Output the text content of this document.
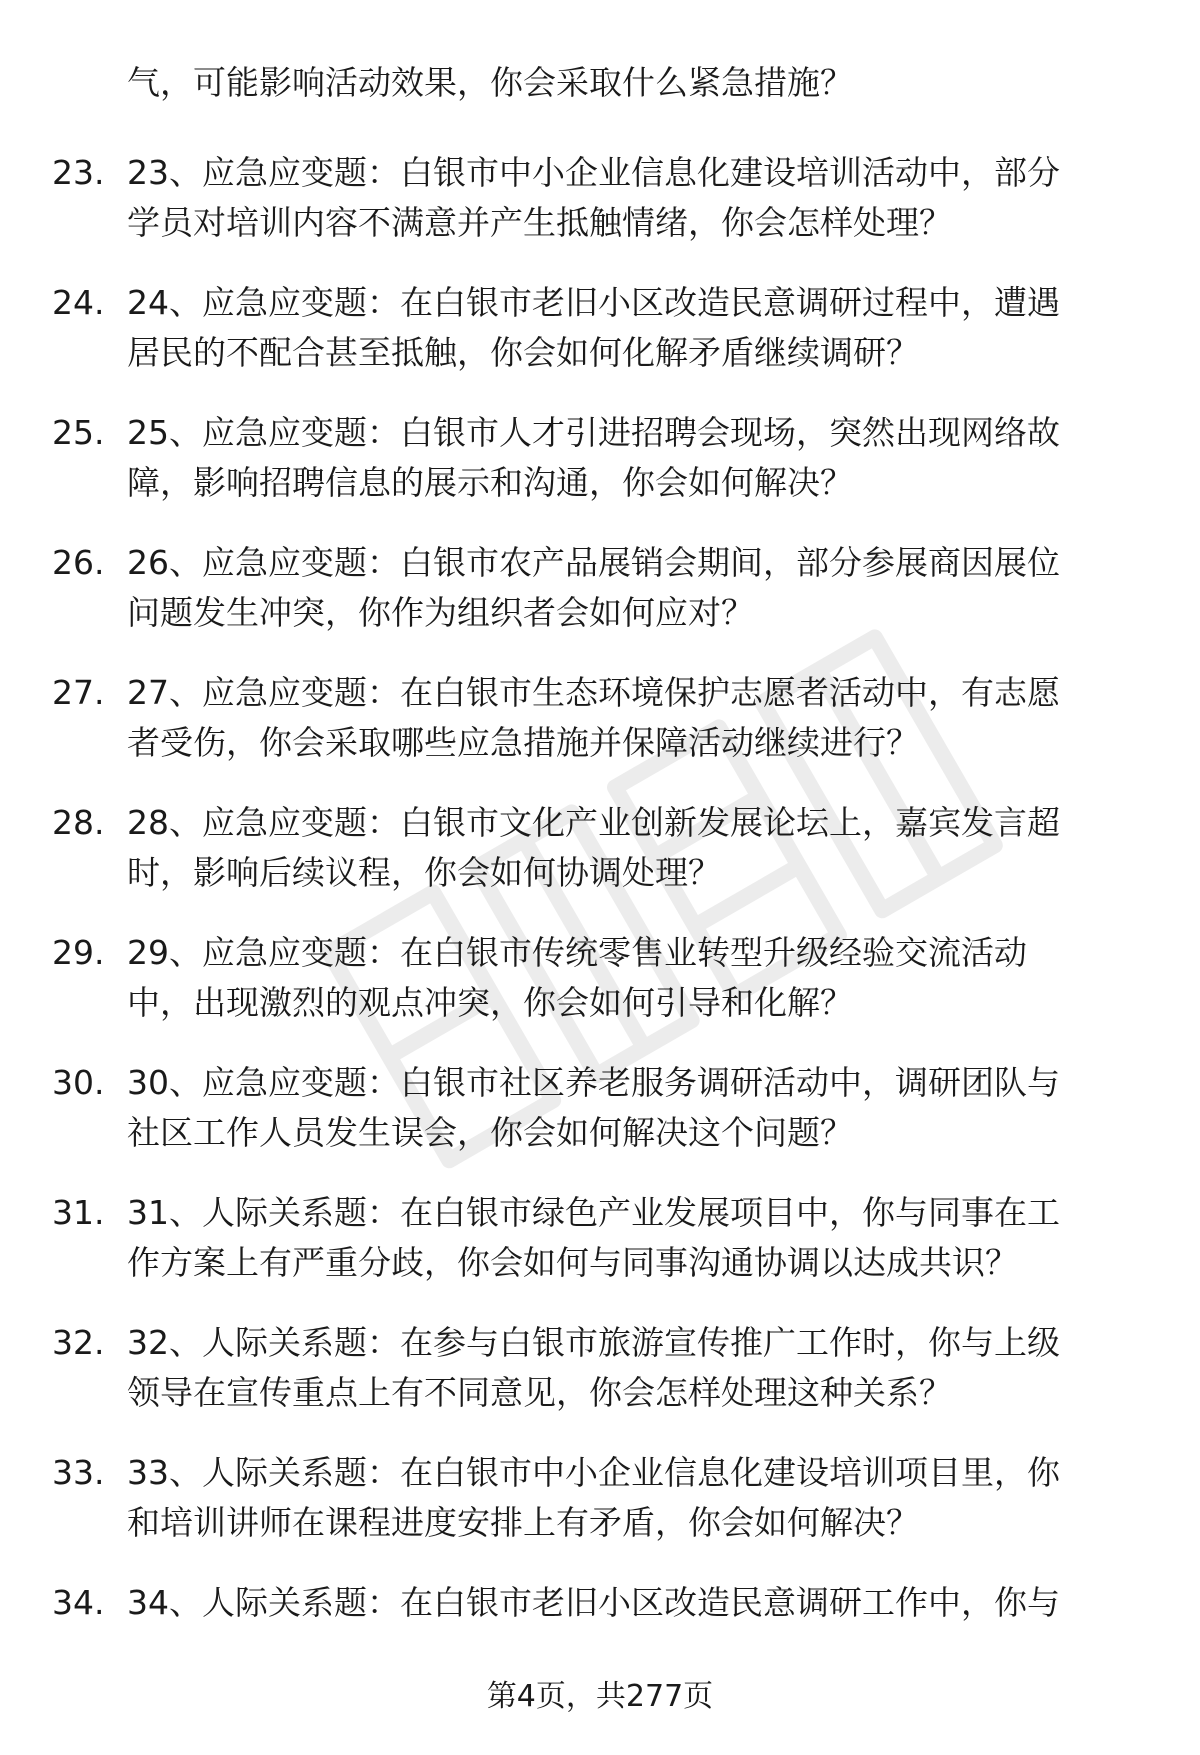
气，可能影响活动效果，你会采取什么紧急措施？
23. 23、应急应变题：白银市中小企业信息化建设培训活动中，部分
学员对培训内容不满意并产生抵触情绪，你会怎样处理？
24. 24、应急应变题：在白银市老旧小区改造民意调研过程中，遭遇
居民的不配合甚至抵触，你会如何化解矛盾继续调研？
25. 25、应急应变题：白银市人才引进招聘会现场，突然出现网络故
障，影响招聘信息的展示和沟通，你会如何解决？
26. 26、应急应变题：白银市农产品展销会期间，部分参展商因展位
问题发生冲突，你作为组织者会如何应对？
27. 27、应急应变题：在白银市生态环境保护志愿者活动中，有志愿
者受伤，你会采取哪些应急措施并保障活动继续进行？
28. 28、应急应变题：白银市文化产业创新发展论坛上，嘉宾发言超
时，影响后续议程，你会如何协调处理？
29. 29、应急应变题：在白银市传统零售业转型升级经验交流活动
中，出现激烈的观点冲突，你会如何引导和化解？
30. 30、应急应变题：白银市社区养老服务调研活动中，调研团队与
社区工作人员发生误会，你会如何解决这个问题？
31. 31、人际关系题：在白银市绿色产业发展项目中，你与同事在工
作方案上有严重分歧，你会如何与同事沟通协调以达成共识？
32. 32、人际关系题：在参与白银市旅游宣传推广工作时，你与上级
领导在宣传重点上有不同意见，你会怎样处理这种关系？
33. 33、人际关系题：在白银市中小企业信息化建设培训项目里，你
和培训讲师在课程进度安排上有矛盾，你会如何解决？
34. 34、人际关系题：在白银市老旧小区改造民意调研工作中，你与
第4页，共277页
